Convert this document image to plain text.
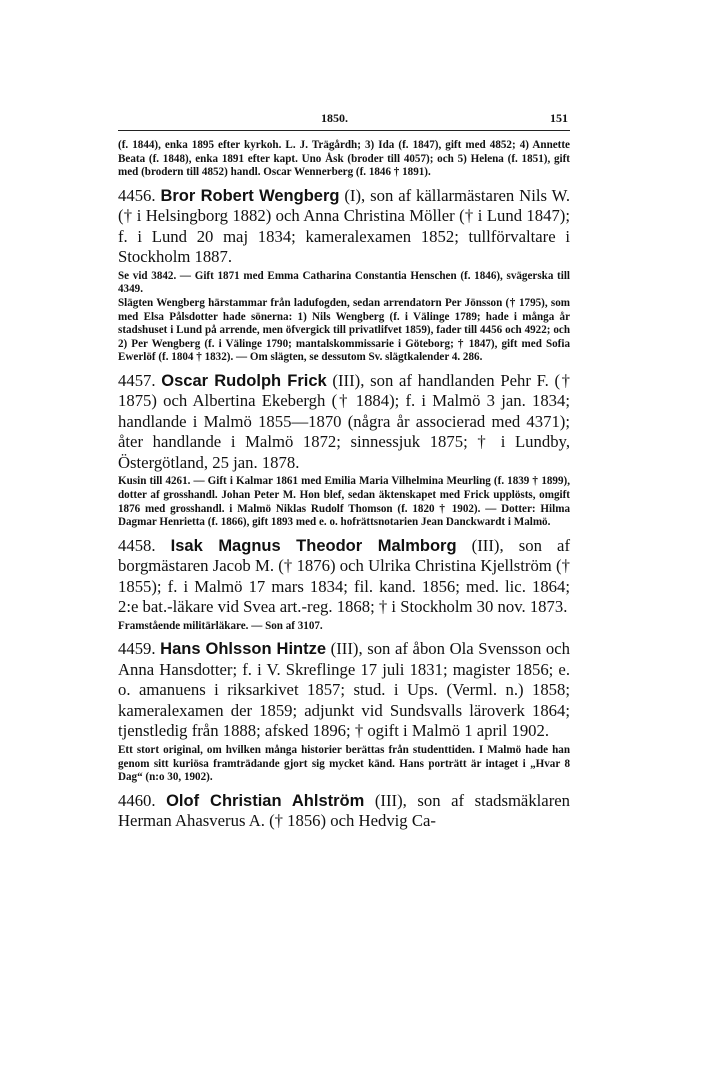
1850.	151

(f. 1844), enka 1895 efter kyrkoh. L. J. Trägårdh; 3) Ida (f. 1847), gift med 4852; 4) Annette Beata (f. 1848), enka 1891 efter kapt. Uno Åsk (broder till 4057); och 5) Helena (f. 1851), gift med (brodern till 4852) handl. Oscar Wennerberg (f. 1846 † 1891).

4456. Bror Robert Wengberg (I), son af källarmästaren Nils W. († i Helsingborg 1882) och Anna Christina Möller († i Lund 1847); f. i Lund 20 maj 1834; kameralexamen 1852; tullförvaltare i Stockholm 1887.

Se vid 3842. — Gift 1871 med Emma Catharina Constantia Henschen (f. 1846), svägerska till 4349.

Slägten Wengberg härstammar från ladufogden, sedan arrendatorn Per Jönsson († 1795), som med Elsa Pålsdotter hade sönerna: 1) Nils Wengberg (f. i Välinge 1789; hade i många år stadshuset i Lund på arrende, men öfvergick till privatlifvet 1859), fader till 4456 och 4922; och 2) Per Wengberg (f. i Välinge 1790; mantalskommissarie i Göteborg; † 1847), gift med Sofia Ewerlöf (f. 1804 † 1832). — Om slägten, se dessutom Sv. slägtkalender 4. 286.

4457. Oscar Rudolph Frick (III), son af handlanden Pehr F. († 1875) och Albertina Ekebergh († 1884); f. i Malmö 3 jan. 1834; handlande i Malmö 1855—1870 (några år associerad med 4371); åter handlande i Malmö 1872; sinnessjuk 1875; † i Lundby, Östergötland, 25 jan. 1878.

Kusin till 4261. — Gift i Kalmar 1861 med Emilia Maria Vilhelmina Meurling (f. 1839 † 1899), dotter af grosshandl. Johan Peter M. Hon blef, sedan äktenskapet med Frick upplösts, omgift 1876 med grosshandl. i Malmö Niklas Rudolf Thomson (f. 1820 † 1902). — Dotter: Hilma Dagmar Henrietta (f. 1866), gift 1893 med e. o. hofrättsnotarien Jean Danckwardt i Malmö.

4458. Isak Magnus Theodor Malmborg (III), son af borgmästaren Jacob M. († 1876) och Ulrika Christina Kjellström († 1855); f. i Malmö 17 mars 1834; fil. kand. 1856; med. lic. 1864; 2:e bat.-läkare vid Svea art.-reg. 1868; † i Stockholm 30 nov. 1873.

Framstående militärläkare. — Son af 3107.

4459. Hans Ohlsson Hintze (III), son af åbon Ola Svensson och Anna Hansdotter; f. i V. Skreflinge 17 juli 1831; magister 1856; e. o. amanuens i riksarkivet 1857; stud. i Ups. (Verml. n.) 1858; kameralexamen der 1859; adjunkt vid Sundsvalls läroverk 1864; tjenstledig från 1888; afsked 1896; † ogift i Malmö 1 april 1902.

Ett stort original, om hvilken många historier berättas från studenttiden. I Malmö hade han genom sitt kuriösa framträdande gjort sig mycket känd. Hans porträtt är intaget i „Hvar 8 Dag“ (n:o 30, 1902).

4460. Olof Christian Ahlström (III), son af stadsmäklaren Herman Ahasverus A. († 1856) och Hedvig Ca-
